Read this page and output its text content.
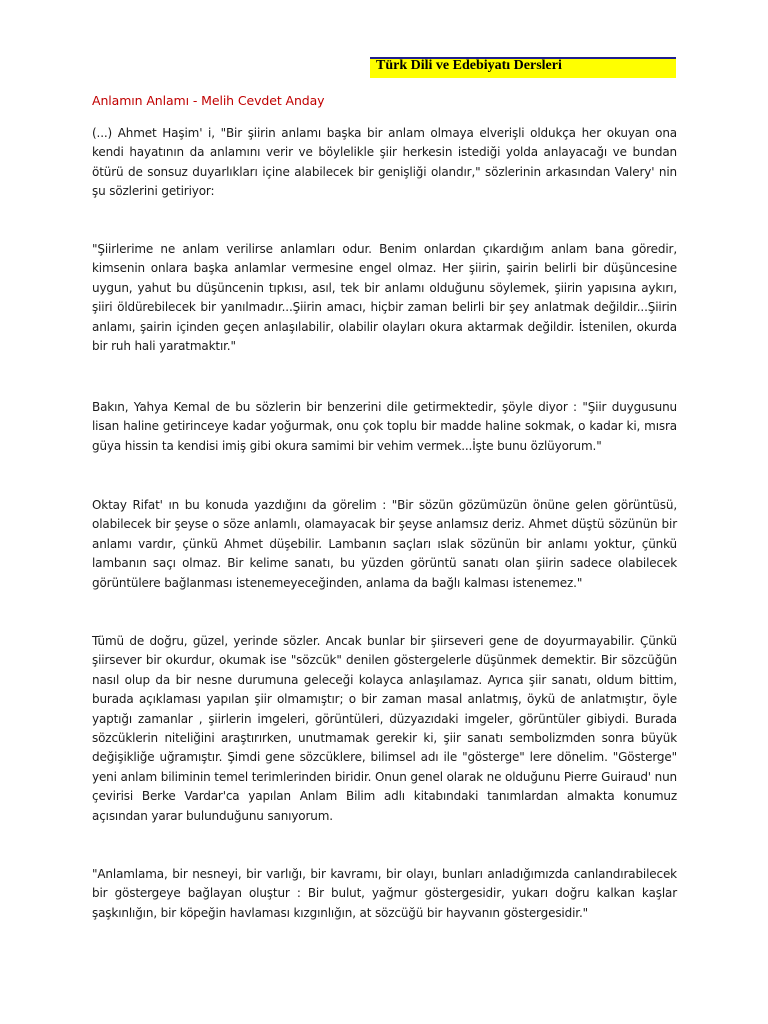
Türk Dili ve Edebiyatı Dersleri
Anlamın Anlamı - Melih Cevdet Anday

(...) Ahmet Haşim' i, "Bir şiirin anlamı başka bir anlam olmaya elverişli oldukça her okuyan ona kendi hayatının da anlamını verir ve böylelikle şiir herkesin istediği yolda anlayacağı ve bundan ötürü de sonsuz duyarlıkları içine alabilecek bir genişliği olandır," sözlerinin arkasından Valery' nin şu sözlerini getiriyor:

"Şiirlerime ne anlam verilirse anlamları odur. Benim onlardan çıkardığım anlam bana göredir, kimsenin onlara başka anlamlar vermesine engel olmaz. Her şiirin, şairin belirli bir düşüncesine uygun, yahut bu düşüncenin tıpkısı, asıl, tek bir anlamı olduğunu söylemek, şiirin yapısına aykırı, şiiri öldürebilecek bir yanılmadır...Şiirin amacı, hiçbir zaman belirli bir şey anlatmak değildir...Şiirin anlamı, şairin içinden geçen anlaşılabilir, olabilir olayları okura aktarmak değildir. İstenilen, okurda bir ruh hali yaratmaktır."

Bakın, Yahya Kemal de bu sözlerin bir benzerini dile getirmektedir, şöyle diyor : "Şiir duygusunu lisan haline getirinceye kadar yoğurmak, onu çok toplu bir madde haline sokmak, o kadar ki, mısra güya hissin ta kendisi imiş gibi okura samimi bir vehim vermek...İşte bunu özlüyorum."

Oktay Rifat' ın bu konuda yazdığını da görelim : "Bir sözün gözümüzün önüne gelen görüntüsü, olabilecek bir şeyse o söze anlamlı, olamayacak bir şeyse anlamsız deriz. Ahmet düştü sözünün bir anlamı vardır, çünkü Ahmet düşebilir. Lambanın saçları ıslak sözünün bir anlamı yoktur, çünkü lambanın saçı olmaz. Bir kelime sanatı, bu yüzden görüntü sanatı olan şiirin sadece olabilecek görüntülere bağlanması istenemeyeceğinden, anlama da bağlı kalması istenemez."

Tümü de doğru, güzel, yerinde sözler. Ancak bunlar bir şiirseveri gene de doyurmayabilir. Çünkü şiirsever bir okurdur, okumak ise "sözcük" denilen göstergelerle düşünmek demektir. Bir sözcüğün nasıl olup da bir nesne durumuna geleceği kolayca anlaşılamaz. Ayrıca şiir sanatı, oldum bittim, burada açıklaması yapılan şiir olmamıştır; o bir zaman masal anlatmış, öykü de anlatmıştır, öyle yaptığı zamanlar , şiirlerin imgeleri, görüntüleri, düzyazıdaki imgeler, görüntüler gibiydi. Burada sözcüklerin niteliğini araştırırken, unutmamak gerekir ki, şiir sanatı sembolizmden sonra büyük değişikliğe uğramıştır. Şimdi gene sözcüklere, bilimsel adı ile "gösterge" lere dönelim. "Gösterge" yeni anlam biliminin temel terimlerinden biridir. Onun genel olarak ne olduğunu Pierre Guiraud' nun çevirisi Berke Vardar'ca yapılan Anlam Bilim adlı kitabındaki tanımlardan almakta konumuz açısından yarar bulunduğunu sanıyorum.

"Anlamlama, bir nesneyi, bir varlığı, bir kavramı, bir olayı, bunları anladığımızda canlandırabilecek bir göstergeye bağlayan oluştur : Bir bulut, yağmur göstergesidir, yukarı doğru kalkan kaşlar şaşkınlığın, bir köpeğin havlaması kızgınlığın, at sözcüğü bir hayvanın göstergesidir."
